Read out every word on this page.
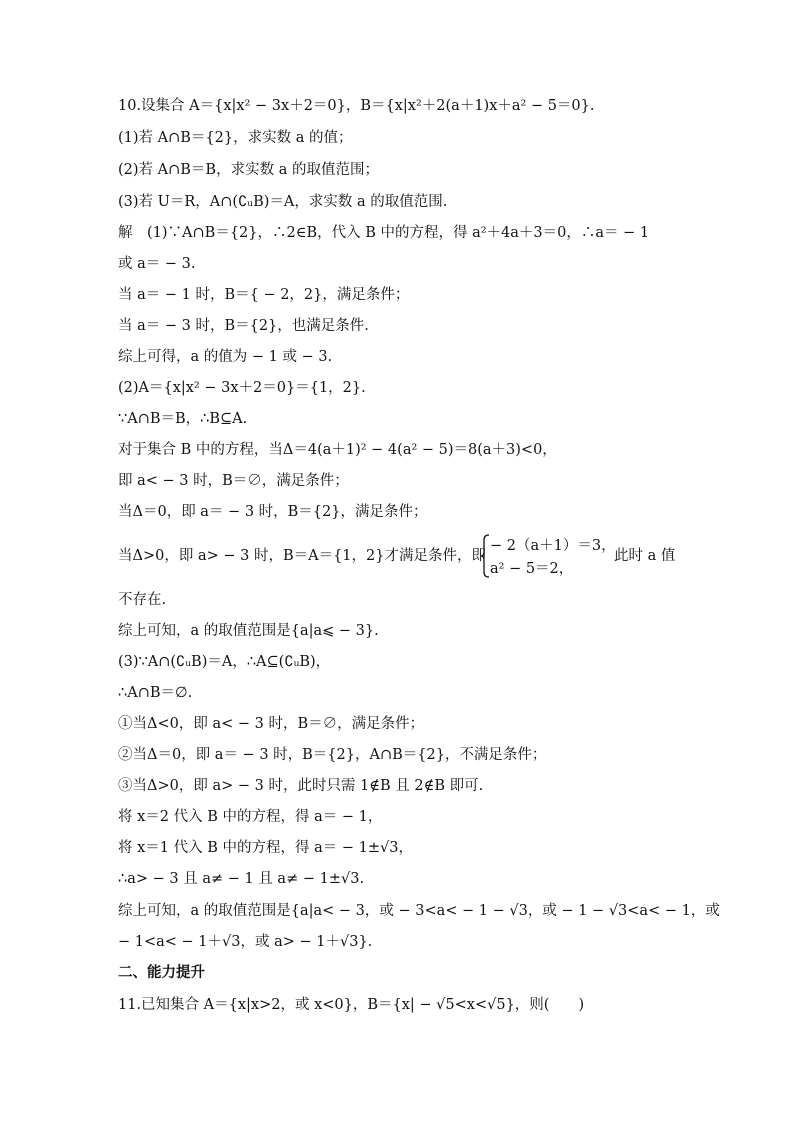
10.设集合 A＝{x|x² − 3x＋2＝0}，B＝{x|x²＋2(a＋1)x＋a² − 5＝0}.
(1)若 A∩B＝{2}，求实数 a 的值；
(2)若 A∩B＝B，求实数 a 的取值范围；
(3)若 U＝R，A∩(∁ᵤB)＝A，求实数 a 的取值范围.
解　(1)∵A∩B＝{2}，∴2∈B，代入 B 中的方程，得 a²＋4a＋3＝0，∴a＝ − 1
或 a＝ − 3.
当 a＝ − 1 时，B＝{ − 2，2}，满足条件；
当 a＝ − 3 时，B＝{2}，也满足条件.
综上可得，a 的值为 − 1 或 − 3.
(2)A＝{x|x² − 3x＋2＝0}＝{1，2}.
∵A∩B＝B，∴B⊆A.
对于集合 B 中的方程，当Δ＝4(a＋1)² − 4(a² − 5)＝8(a＋3)<0，
即 a< − 3 时，B＝∅，满足条件；
当Δ＝0，即 a＝ − 3 时，B＝{2}，满足条件；
当Δ>0，即 a> − 3 时，B＝A＝{1，2}才满足条件，即
− 2（a＋1）＝3，
a² − 5＝2，
此时 a 值
不存在.
综上可知，a 的取值范围是{a|a⩽ − 3}.
(3)∵A∩(∁ᵤB)＝A，∴A⊆(∁ᵤB)，
∴A∩B＝∅.
①当Δ<0，即 a< − 3 时，B＝∅，满足条件；
②当Δ＝0，即 a＝ − 3 时，B＝{2}，A∩B＝{2}，不满足条件；
③当Δ>0，即 a> − 3 时，此时只需 1∉B 且 2∉B 即可.
将 x＝2 代入 B 中的方程，得 a＝ − 1，
将 x＝1 代入 B 中的方程，得 a＝ − 1±√3，
∴a> − 3 且 a≠ − 1 且 a≠ − 1±√3.
综上可知，a 的取值范围是{a|a< − 3，或 − 3<a< − 1 − √3，或 − 1 − √3<a< − 1，或
− 1<a< − 1＋√3，或 a> − 1＋√3}.
二、能力提升
11.已知集合 A＝{x|x>2，或 x<0}，B＝{x| − √5<x<√5}，则(　　)
